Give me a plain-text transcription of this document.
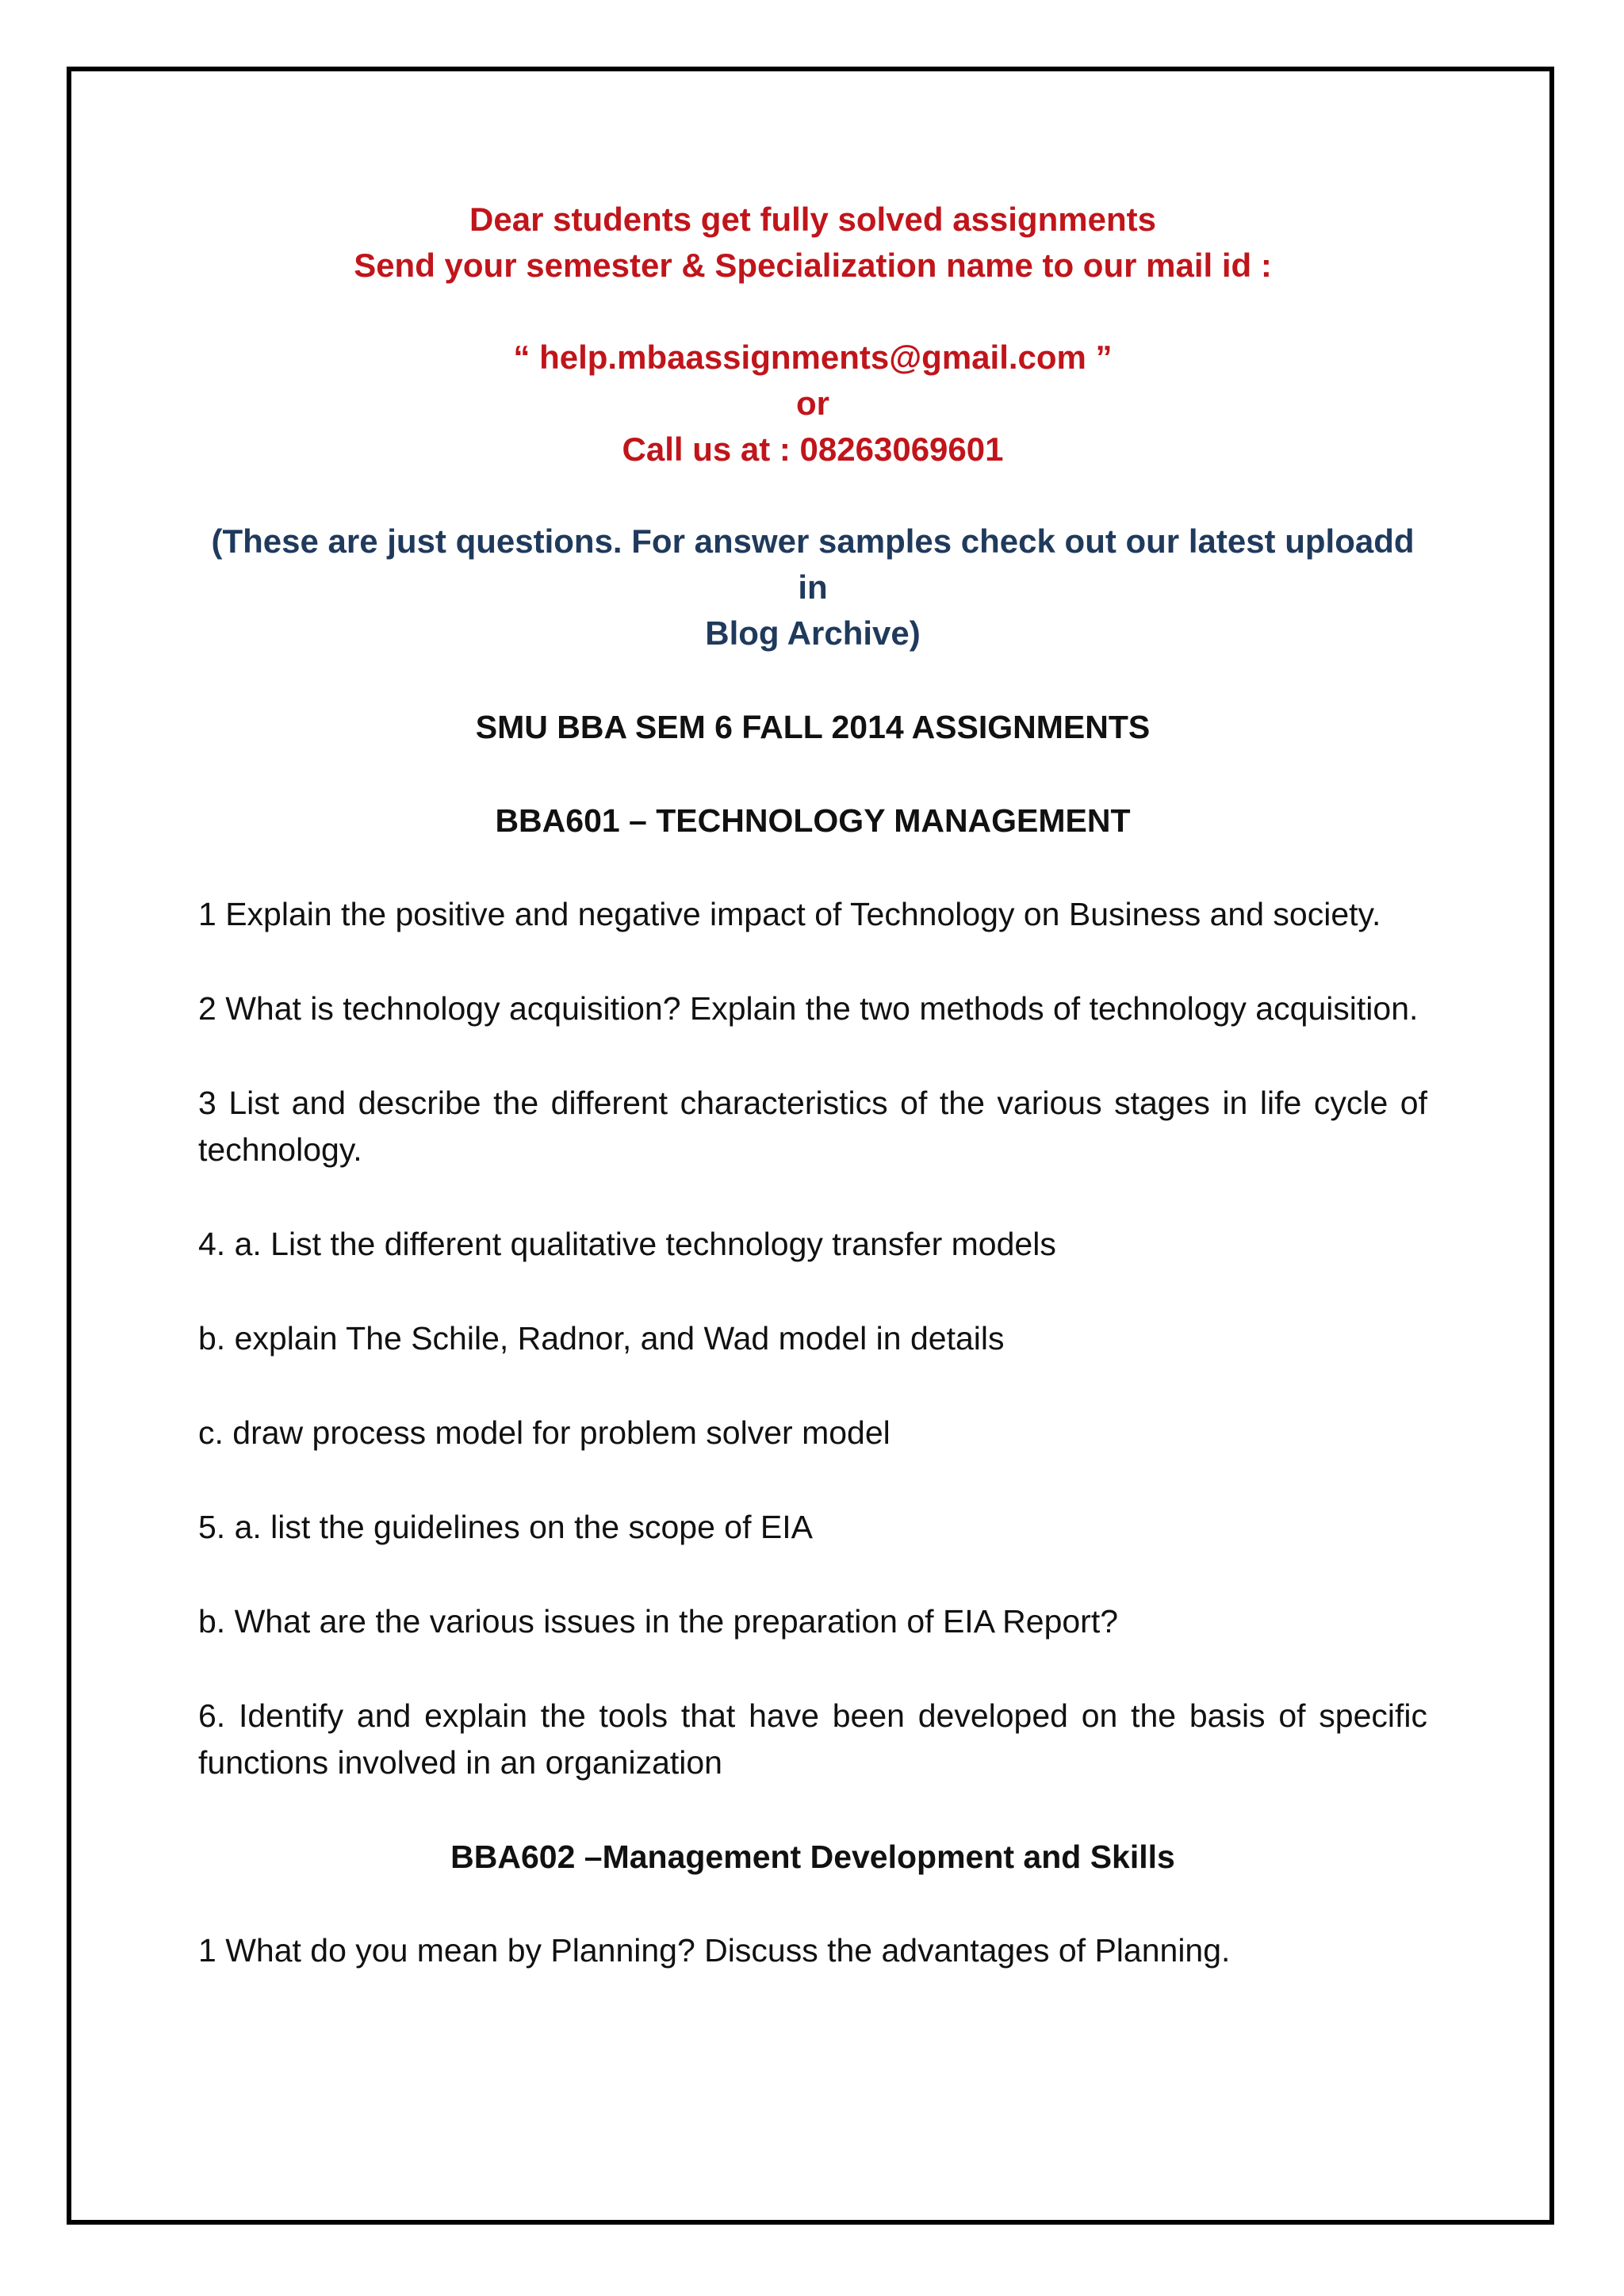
Dear students get fully solved assignments

Send your semester & Specialization name to our mail id :

“ help.mbaassignments@gmail.com ”

or

Call us at : 08263069601

(These are just questions. For answer samples check out our latest uploadd in

Blog Archive)

SMU BBA SEM 6 FALL 2014 ASSIGNMENTS

BBA601 – TECHNOLOGY MANAGEMENT

1 Explain the positive and negative impact of Technology on Business and society.

2 What is technology acquisition? Explain the two methods of technology acquisition.

3 List and describe the different characteristics of the various stages in life cycle of technology.

4. a. List the different qualitative technology transfer models

b. explain The Schile, Radnor, and Wad model in details

c. draw process model for problem solver model

5. a. list the guidelines on the scope of EIA

b. What are the various issues in the preparation of EIA Report?

6. Identify and explain the tools that have been developed on the basis of specific functions involved in an organization

BBA602 –Management Development and Skills

1 What do you mean by Planning? Discuss the advantages of Planning.
